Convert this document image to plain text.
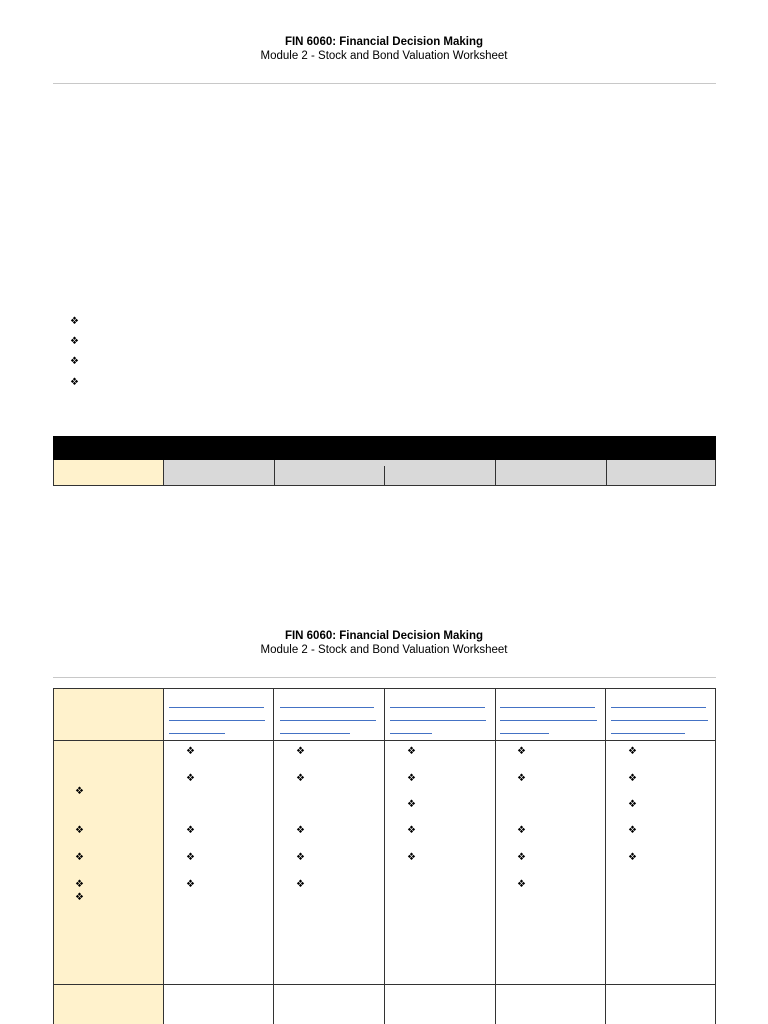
FIN 6060: Financial Decision Making
Module 2 - Stock and Bond Valuation Worksheet
❖
❖
❖
❖
FIN 6060: Financial Decision Making
Module 2 - Stock and Bond Valuation Worksheet
❖
❖
❖
❖
❖
❖
❖
❖
❖
❖
❖
❖
❖
❖
❖
❖
❖
❖
❖
❖
❖
❖
❖
❖
❖
❖
❖
❖
❖
❖
